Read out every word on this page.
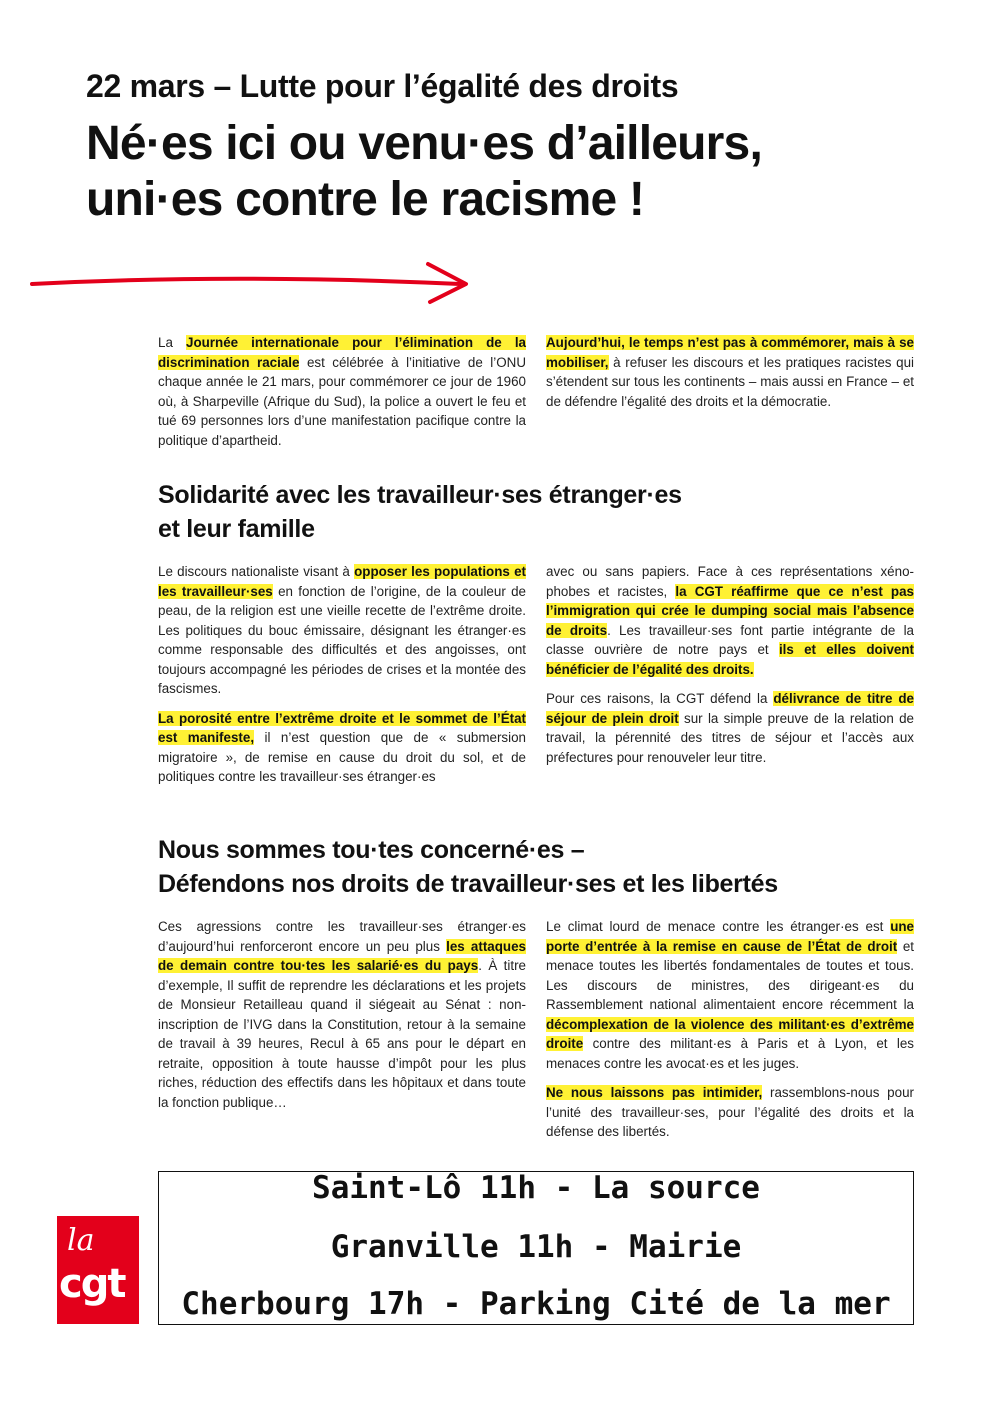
22 mars – Lutte pour l’égalité des droits
Né·es ici ou venu·es d’ailleurs,
uni·es contre le racisme !

La Journée internationale pour l’élimination de la discrimination raciale est célébrée à l’initiative de l’ONU chaque année le 21 mars, pour commémorer ce jour de 1960 où, à Sharpeville (Afrique du Sud), la police a ouvert le feu et tué 69 personnes lors d’une manifestation pacifique contre la politique d’apartheid.

Aujourd’hui, le temps n’est pas à commémorer, mais à se mobiliser, à refuser les discours et les pratiques racistes qui s’étendent sur tous les continents – mais aussi en France – et de défendre l’égalité des droits et la démocratie.

Solidarité avec les travailleur·ses étranger·es
et leur famille

Le discours nationaliste visant à opposer les populations et les travailleur·ses en fonction de l’origine, de la couleur de peau, de la religion est une vieille recette de l’extrême droite. Les politiques du bouc émissaire, désignant les étranger·es comme responsable des difficultés et des angoisses, ont toujours accompagné les périodes de crises et la montée des fascismes.

La porosité entre l’extrême droite et le sommet de l’État est manifeste, il n’est question que de « submersion migratoire », de remise en cause du droit du sol, et de politiques contre les travailleur·ses étranger·es

avec ou sans papiers. Face à ces représentations xénophobes et racistes, la CGT réaffirme que ce n’est pas l’immigration qui crée le dumping social mais l’absence de droits. Les travailleur·ses font partie intégrante de la classe ouvrière de notre pays et ils et elles doivent bénéficier de l’égalité des droits.

Pour ces raisons, la CGT défend la délivrance de titre de séjour de plein droit sur la simple preuve de la relation de travail, la pérennité des titres de séjour et l’accès aux préfectures pour renouveler leur titre.

Nous sommes tou·tes concerné·es –
Défendons nos droits de travailleur·ses et les libertés

Ces agressions contre les travailleur·ses étranger·es d’aujourd’hui renforceront encore un peu plus les attaques de demain contre tou·tes les salarié·es du pays. À titre d’exemple, Il suffit de reprendre les déclarations et les projets de Monsieur Retailleau quand il siégeait au Sénat : non-inscription de l’IVG dans la Constitution, retour à la semaine de travail à 39 heures, Recul à 65 ans pour le départ en retraite, opposition à toute hausse d’impôt pour les plus riches, réduction des effectifs dans les hôpitaux et dans toute la fonction publique…

Le climat lourd de menace contre les étranger·es est une porte d’entrée à la remise en cause de l’État de droit et menace toutes les libertés fondamentales de toutes et tous. Les discours de ministres, des dirigeant·es du Rassemblement national alimentaient encore récemment la décomplexation de la violence des militant·es d’extrême droite contre des militant·es à Paris et à Lyon, et les menaces contre les avocat·es et les juges.

Ne nous laissons pas intimider, rassemblons-nous pour l’unité des travailleur·ses, pour l’égalité des droits et la défense des libertés.

Saint-Lô 11h - La source
Granville 11h - Mairie
Cherbourg 17h - Parking Cité de la mer
la
cgt
